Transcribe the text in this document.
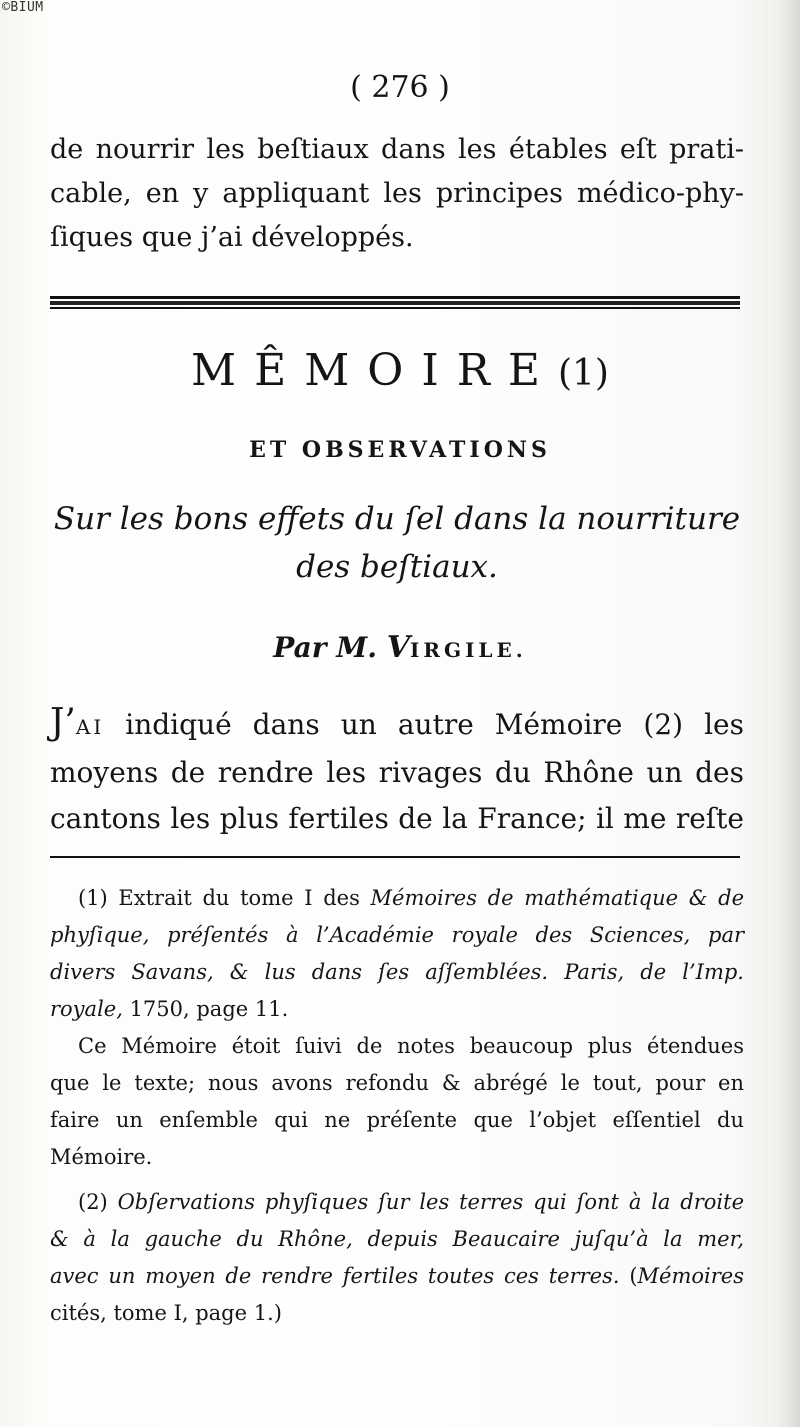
©BIUM
( 276 )
de nourrir les beſtiaux dans les étables eſt prati-
cable, en y appliquant les principes médico-phy-
ſiques que j’ai développés.
MÊMOIRE(1)
ET OBSERVATIONS
Sur les bons effets du ſel dans la nourriture
des beſtiaux.
Par M. VIRGILE.
J’AI indiqué dans un autre Mémoire (2) les
moyens de rendre les rivages du Rhône un des
cantons les plus fertiles de la France; il me reſte
(1) Extrait du tome I des Mémoires de mathématique & de
phyſique, préſentés à l’Académie royale des Sciences, par
divers Savans, & lus dans ſes aſſemblées. Paris, de l’Imp.
royale, 1750, page 11.
Ce Mémoire étoit ſuivi de notes beaucoup plus étendues
que le texte; nous avons refondu & abrégé le tout, pour en
faire un enſemble qui ne préſente que l’objet eſſentiel du
Mémoire.
(2) Obſervations phyſiques ſur les terres qui ſont à la droite
& à la gauche du Rhône, depuis Beaucaire juſqu’à la mer,
avec un moyen de rendre fertiles toutes ces terres. (Mémoires
cités, tome I, page 1.)
